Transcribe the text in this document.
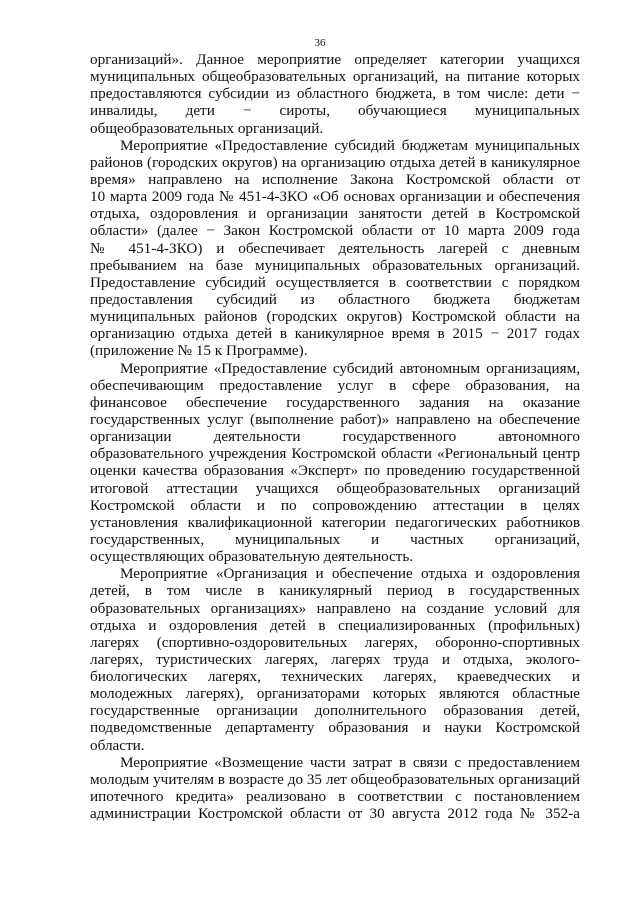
36
организаций». Данное мероприятие определяет категории учащихся
муниципальных общеобразовательных организаций, на питание которых
предоставляются субсидии из областного бюджета, в том числе: дети −
инвалиды, дети − сироты, обучающиеся муниципальных
общеобразовательных организаций.
Мероприятие «Предоставление субсидий бюджетам муниципальных
районов (городских округов) на организацию отдыха детей в каникулярное
время» направлено на исполнение Закона Костромской области от
10 марта 2009 года № 451-4-ЗКО «Об основах организации и обеспечения
отдыха, оздоровления и организации занятости детей в Костромской
области» (далее − Закон Костромской области от 10 марта 2009 года
№ 451-4-ЗКО) и обеспечивает деятельность лагерей с дневным
пребыванием на базе муниципальных образовательных организаций.
Предоставление субсидий осуществляется в соответствии с порядком
предоставления субсидий из областного бюджета бюджетам
муниципальных районов (городских округов) Костромской области на
организацию отдыха детей в каникулярное время в 2015 − 2017 годах
(приложение № 15 к Программе).
Мероприятие «Предоставление субсидий автономным организациям,
обеспечивающим предоставление услуг в сфере образования, на
финансовое обеспечение государственного задания на оказание
государственных услуг (выполнение работ)» направлено на обеспечение
организации деятельности государственного автономного
образовательного учреждения Костромской области «Региональный центр
оценки качества образования «Эксперт» по проведению государственной
итоговой аттестации учащихся общеобразовательных организаций
Костромской области и по сопровождению аттестации в целях
установления квалификационной категории педагогических работников
государственных, муниципальных и частных организаций,
осуществляющих образовательную деятельность.
Мероприятие «Организация и обеспечение отдыха и оздоровления
детей, в том числе в каникулярный период в государственных
образовательных организациях» направлено на создание условий для
отдыха и оздоровления детей в специализированных (профильных)
лагерях (спортивно-оздоровительных лагерях, оборонно-спортивных
лагерях, туристических лагерях, лагерях труда и отдыха, эколого-
биологических лагерях, технических лагерях, краеведческих и
молодежных лагерях), организаторами которых являются областные
государственные организации дополнительного образования детей,
подведомственные департаменту образования и науки Костромской
области.
Мероприятие «Возмещение части затрат в связи с предоставлением
молодым учителям в возрасте до 35 лет общеобразовательных организаций
ипотечного кредита» реализовано в соответствии с постановлением
администрации Костромской области от 30 августа 2012 года № 352-а
